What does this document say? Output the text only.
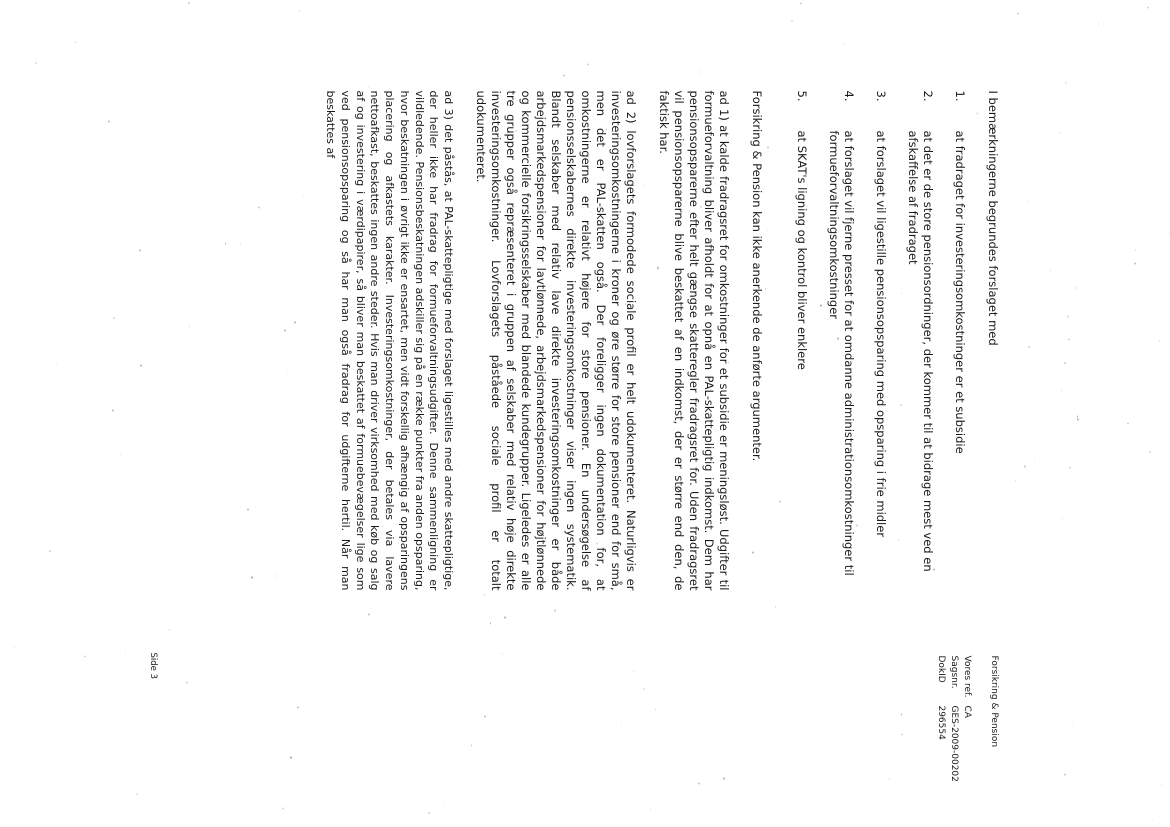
Forsikring & Pension
Vores ref.	CA
Sagsnr.	GES-2009-00202
DokID	296554

I bemærkningerne begrundes forslaget med

1.
at fradraget for investeringsomkostninger er et subsidie
2.
at det er de store pensionsordninger, der kommer til at bidrage mest ved en afskaffelse af fradraget
3.
at forslaget vil ligestille pensionsopsparing med opsparing i frie midler
4.
at forslaget vil fjerne presset for at omdanne administrationsomkostninger til formueforvaltningsomkostninger
5.
at SKAT's ligning og kontrol bliver enklere

Forsikring & Pension kan ikke anerkende de anførte argumenter.

ad 1) at kalde fradragsret for omkostninger for et subsidie er meningsløst. Udgifter til formueforvaltning bliver afholdt for at opnå en PAL-skattepligtig indkomst. Dem har pensionsopsparerne efter helt gængse skatteregler fradragsret for. Uden fradragsret vil pensionsopsparerne blive beskattet af en indkomst, der er større end den, de faktisk har.

ad 2) lovforslagets formodede sociale profil er helt udokumenteret. Naturligvis er investeringsomkostningerne i kroner og øre større for store pensioner end for små, men det er PAL-skatten også. Der foreligger ingen dokumentation for, at omkostningerne er relativt højere for store pensioner. En undersøgelse af pensionsselskabernes direkte investeringsomkostninger viser ingen systematik. Blandt selskaber med relativ lave direkte investeringsomkostninger er både arbejdsmarkedspensioner for lavtlønnede, arbejdsmarkedspensioner for højtlønnede og kommercielle forsikringsselskaber med blandede kundegrupper. Ligeledes er alle tre grupper også repræsenteret i gruppen af selskaber med relativ høje direkte investeringsomkostninger. Lovforslagets påståede sociale profil er totalt udokumenteret.

ad 3) det påstås, at PAL-skattepligtige med forslaget ligestilles med andre skattepligtige, der heller ikke har fradrag for formueforvaltningsudgifter. Denne sammenligning er vildledende. Pensionsbeskatningen adskiller sig på en række punkter fra anden opsparing, hvor beskatningen i øvrigt ikke er ensartet, men vidt forskellig afhængig af opsparingens placering og afkastets karakter. Investeringsomkostninger, der betales via lavere nettoafkast, beskattes ingen andre steder. Hvis man driver virksomhed med køb og salg af og investering i værdipapirer, så bliver man beskattet af formuebevægelser lige som ved pensionsopsparing og så har man også fradrag for udgifterne hertil. Når man beskattes af

Side 3
